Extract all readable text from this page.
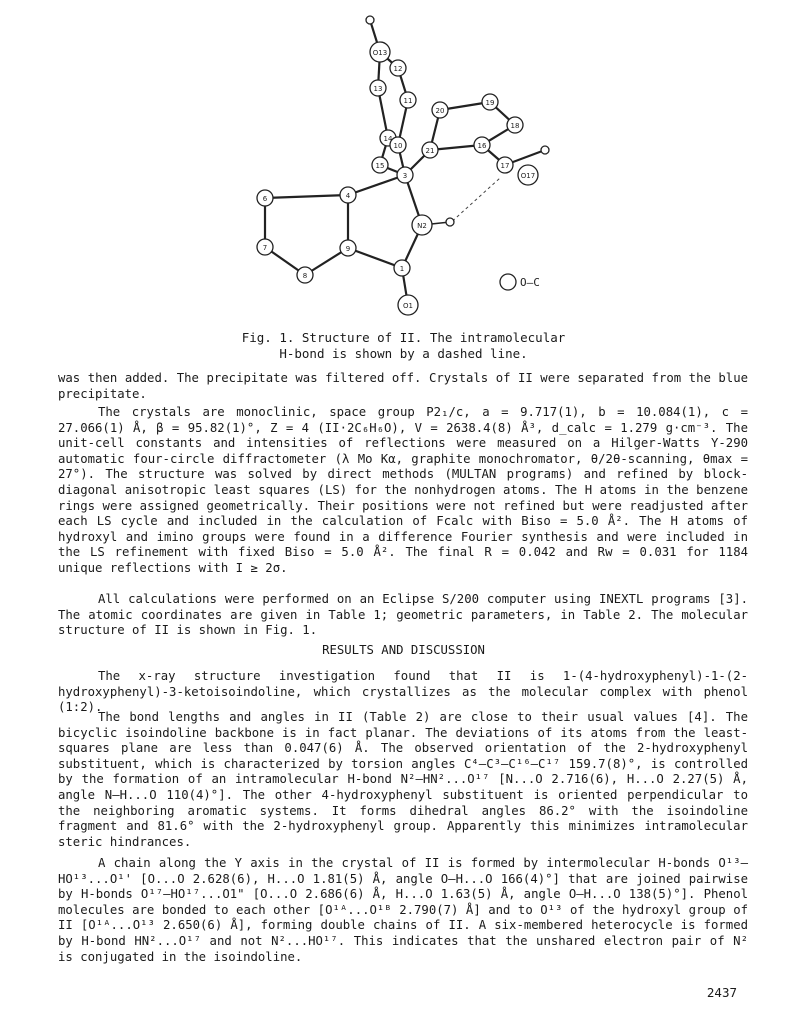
O13
12
13
11
20
19
14
10
21
18
15
16
17
O17
3
6	4
N2
7	9
8
1
O1
O–C
Fig. 1. Structure of II. The intramolecular
H-bond is shown by a dashed line.
was then added. The precipitate was filtered off. Crystals of II were separated from the blue precipitate.
The crystals are monoclinic, space group P2₁/c, a = 9.717(1), b = 10.084(1), c = 27.066(1) Å, β = 95.82(1)°, Z = 4 (II·2C₆H₆O), V = 2638.4(8) Å³, d_calc = 1.279 g·cm⁻³. The unit-cell constants and intensities of reflections were measured on a Hilger-Watts Y-290 automatic four-circle diffractometer (λ Mo Kα, graphite monochromator, θ/2θ-scanning, θmax = 27°). The structure was solved by direct methods (MULTAN programs) and refined by block-diagonal anisotropic least squares (LS) for the nonhydrogen atoms. The H atoms in the benzene rings were assigned geometrically. Their positions were not refined but were readjusted after each LS cycle and included in the calculation of Fcalc with Biso = 5.0 Å². The H atoms of hydroxyl and imino groups were found in a difference Fourier synthesis and were included in the LS refinement with fixed Biso = 5.0 Å². The final R = 0.042 and Rw = 0.031 for 1184 unique reflections with I ≥ 2σ.
All calculations were performed on an Eclipse S/200 computer using INEXTL programs [3]. The atomic coordinates are given in Table 1; geometric parameters, in Table 2. The molecular structure of II is shown in Fig. 1.
RESULTS AND DISCUSSION
The x-ray structure investigation found that II is 1-(4-hydroxyphenyl)-1-(2-hydroxyphenyl)-3-ketoisoindoline, which crystallizes as the molecular complex with phenol (1:2).
The bond lengths and angles in II (Table 2) are close to their usual values [4]. The bicyclic isoindoline backbone is in fact planar. The deviations of its atoms from the least-squares plane are less than 0.047(6) Å. The observed orientation of the 2-hydroxyphenyl substituent, which is characterized by torsion angles C⁴–C³–C¹⁶–C¹⁷ 159.7(8)°, is controlled by the formation of an intramolecular H-bond N²–HN²...O¹⁷ [N...O 2.716(6), H...O 2.27(5) Å, angle N–H...O 110(4)°]. The other 4-hydroxyphenyl substituent is oriented perpendicular to the neighboring aromatic systems. It forms dihedral angles 86.2° with the isoindoline fragment and 81.6° with the 2-hydroxyphenyl group. Apparently this minimizes intramolecular steric hindrances.
A chain along the Y axis in the crystal of II is formed by intermolecular H-bonds O¹³–HO¹³...O¹' [O...O 2.628(6), H...O 1.81(5) Å, angle O–H...O 166(4)°] that are joined pairwise by H-bonds O¹⁷–HO¹⁷...O1" [O...O 2.686(6) Å, H...O 1.63(5) Å, angle O–H...O 138(5)°]. Phenol molecules are bonded to each other [O¹ᴬ...O¹ᴮ 2.790(7) Å] and to O¹³ of the hydroxyl group of II [O¹ᴬ...O¹³ 2.650(6) Å], forming double chains of II. A six-membered heterocycle is formed by H-bond HN²...O¹⁷ and not N²...HO¹⁷. This indicates that the unshared electron pair of N² is conjugated in the isoindoline.
2437
